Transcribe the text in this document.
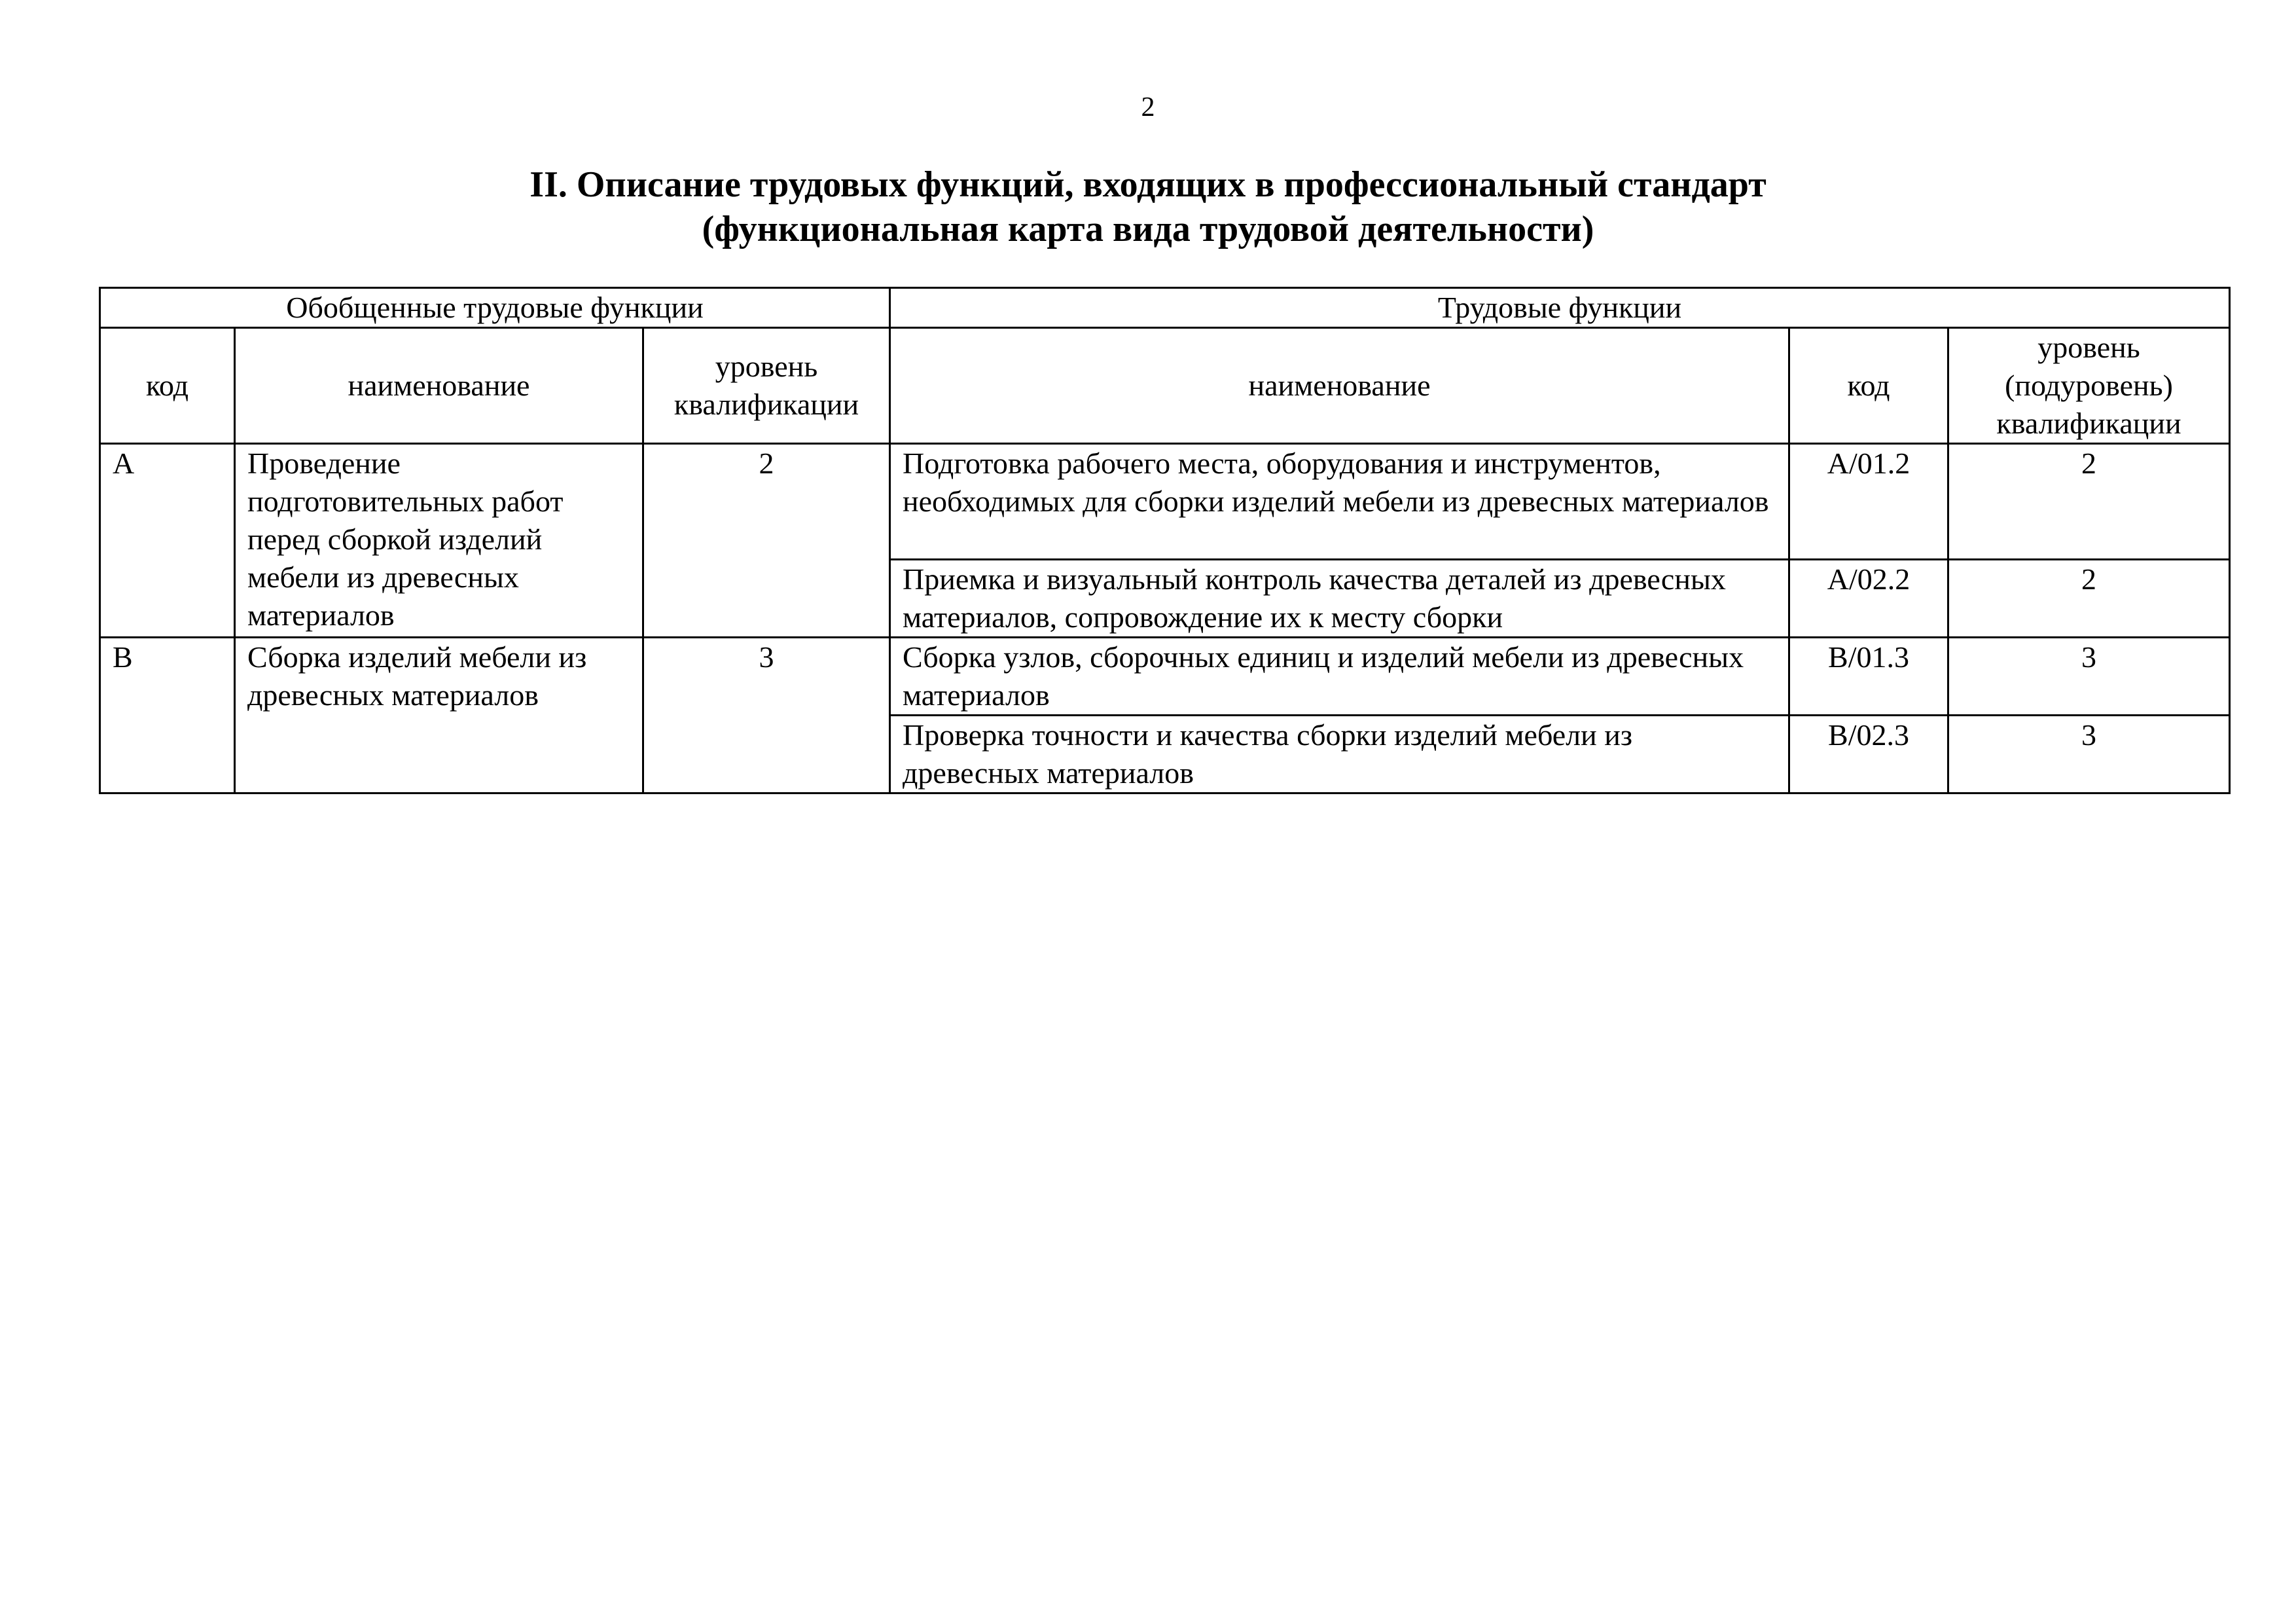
2
II. Описание трудовых функций, входящих в профессиональный стандарт
(функциональная карта вида трудовой деятельности)
Обобщенные трудовые функции			Трудовые функции		
код	наименование	уровень квалификации	наименование	код	уровень (подуровень) квалификации
A	Проведение подготовительных работ перед сборкой изделий мебели из древесных материалов	2	Подготовка рабочего места, оборудования и инструментов, необходимых для сборки изделий мебели из древесных материалов	A/01.2	2
			Приемка и визуальный контроль качества деталей из древесных материалов, сопровождение их к месту сборки	A/02.2	2
B	Сборка изделий мебели из древесных материалов	3	Сборка узлов, сборочных единиц и изделий мебели из древесных материалов	B/01.3	3
			Проверка точности и качества сборки изделий мебели из древесных материалов	B/02.3	3
